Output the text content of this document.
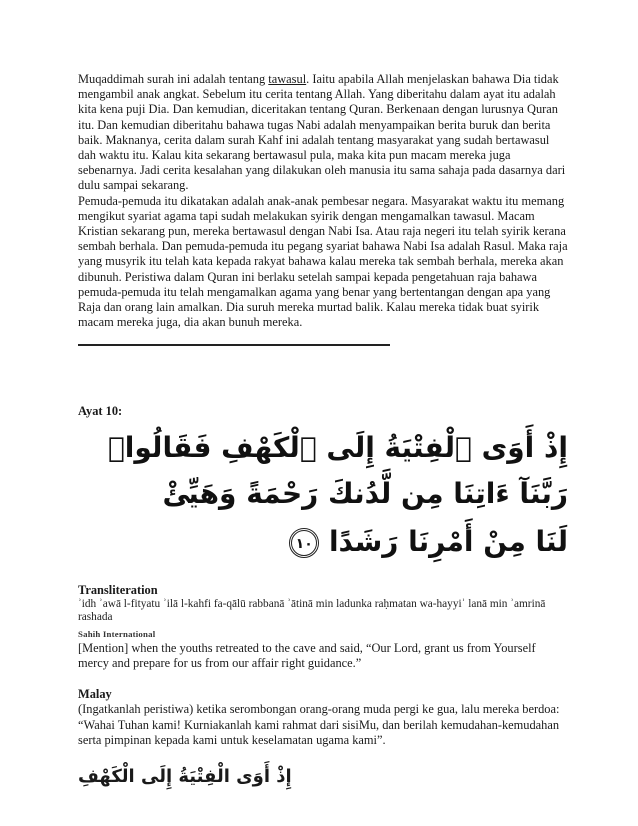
Muqaddimah surah ini adalah tentang tawasul. Iaitu apabila Allah menjelaskan bahawa Dia tidak mengambil anak angkat. Sebelum itu cerita tentang Allah. Yang diberitahu dalam ayat itu adalah kita kena puji Dia. Dan kemudian, diceritakan tentang Quran. Berkenaan dengan lurusnya Quran itu. Dan kemudian diberitahu bahawa tugas Nabi adalah menyampaikan berita buruk dan berita baik. Maknanya, cerita dalam surah Kahf ini adalah tentang masyarakat yang sudah bertawasul dah waktu itu. Kalau kita sekarang bertawasul pula, maka kita pun macam mereka juga sebenarnya. Jadi cerita kesalahan yang dilakukan oleh manusia itu sama sahaja pada dasarnya dari dulu sampai sekarang.

Pemuda-pemuda itu dikatakan adalah anak-anak pembesar negara. Masyarakat waktu itu memang mengikut syariat agama tapi sudah melakukan syirik dengan mengamalkan tawasul. Macam Kristian sekarang pun, mereka bertawasul dengan Nabi Isa. Atau raja negeri itu telah syirik kerana sembah berhala. Dan pemuda-pemuda itu pegang syariat bahawa Nabi Isa adalah Rasul. Maka raja yang musyrik itu telah kata kepada rakyat bahawa kalau mereka tak sembah berhala, mereka akan dibunuh. Peristiwa dalam Quran ini berlaku setelah sampai kepada pengetahuan raja bahawa pemuda-pemuda itu telah mengamalkan agama yang benar yang bertentangan dengan apa yang Raja dan orang lain amalkan. Dia suruh mereka murtad balik. Kalau mereka tidak buat syirik macam mereka juga, dia akan bunuh mereka.

Ayat 10:

إِذْ أَوَى ٱلْفِتْيَةُ إِلَى ٱلْكَهْفِ فَقَالُوا۟ رَبَّنَآ ءَاتِنَا مِن لَّدُنكَ رَحْمَةً وَهَيِّئْ

لَنَا مِنْ أَمْرِنَا رَشَدًا ١٠

Transliteration

ʾidh ʾawā l-fityatu ʾilā l-kahfi fa-qālū rabbanā ʾātinā min ladunka raḥmatan wa-hayyiʾ lanā min ʾamrinā rashada

Sahih International

[Mention] when the youths retreated to the cave and said, “Our Lord, grant us from Yourself mercy and prepare for us from our affair right guidance.”

Malay

(Ingatkanlah peristiwa) ketika serombongan orang-orang muda pergi ke gua, lalu mereka berdoa: “Wahai Tuhan kami! Kurniakanlah kami rahmat dari sisiMu, dan berilah kemudahan-kemudahan serta pimpinan kepada kami untuk keselamatan ugama kami”.

إِذْ أَوَى الْفِتْيَةُ إِلَى الْكَهْفِ
